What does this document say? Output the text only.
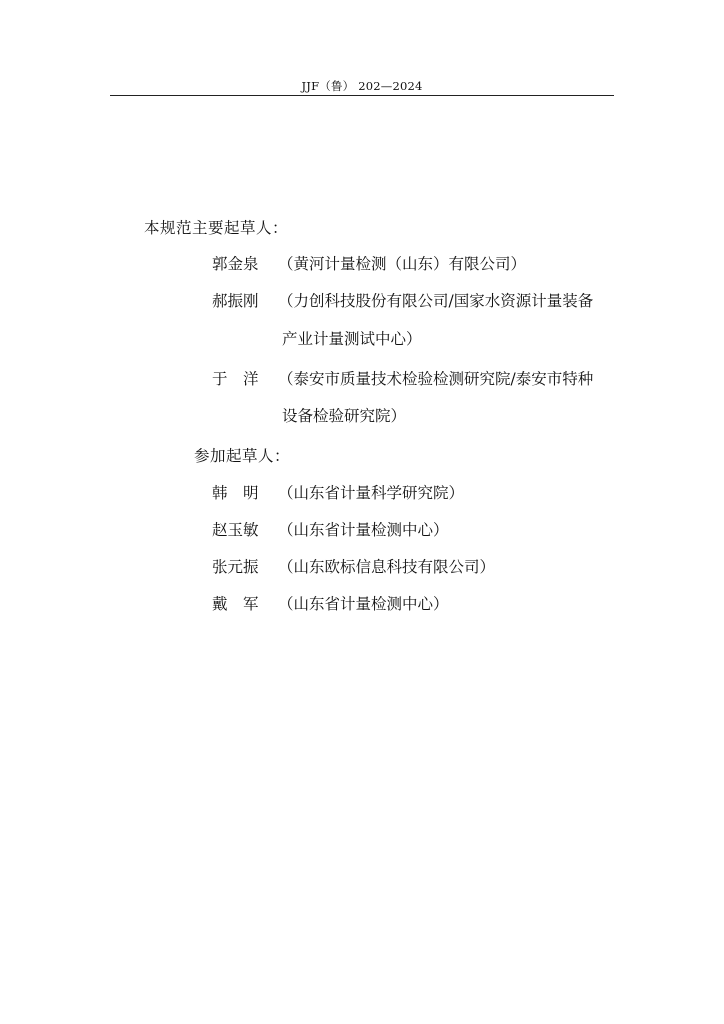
JJF（鲁） 202—2024
本规范主要起草人：
郭金泉 （黄河计量检测（山东）有限公司）
郝振刚 （力创科技股份有限公司/国家水资源计量装备
产业计量测试中心）
于　洋 （泰安市质量技术检验检测研究院/泰安市特种
设备检验研究院）
参加起草人：
韩　明 （山东省计量科学研究院）
赵玉敏 （山东省计量检测中心）
张元振 （山东欧标信息科技有限公司）
戴　军 （山东省计量检测中心）
